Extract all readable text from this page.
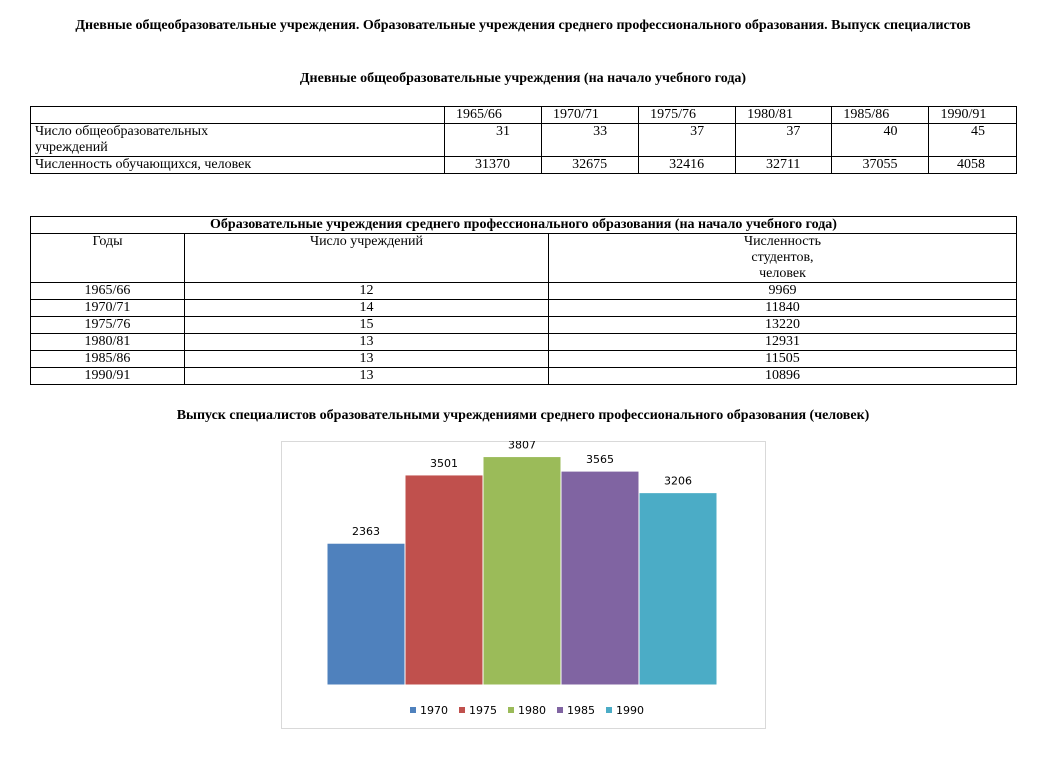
Дневные общеобразовательные учреждения. Образовательные учреждения среднего профессионального образования. Выпуск специалистов
Дневные общеобразовательные учреждения (на начало учебного года)
	1965/66	1970/71	1975/76	1980/81	1985/86	1990/91
Число общеобразовательных учреждений	31	33	37	37	40	45
Численность обучающихся, человек	31370	32675	32416	32711	37055	4058
Образовательные учреждения среднего профессионального образования (на начало учебного года)		
Годы	Число учреждений	Численность студентов, человек
1965/66	12	9969
1970/71	14	11840
1975/76	15	13220
1980/81	13	12931
1985/86	13	11505
1990/91	13	10896
Выпуск специалистов образовательными учреждениями среднего профессионального образования (человек)
2363
3501
3807
3565
3206
1970 1975 1980 1985 1990
